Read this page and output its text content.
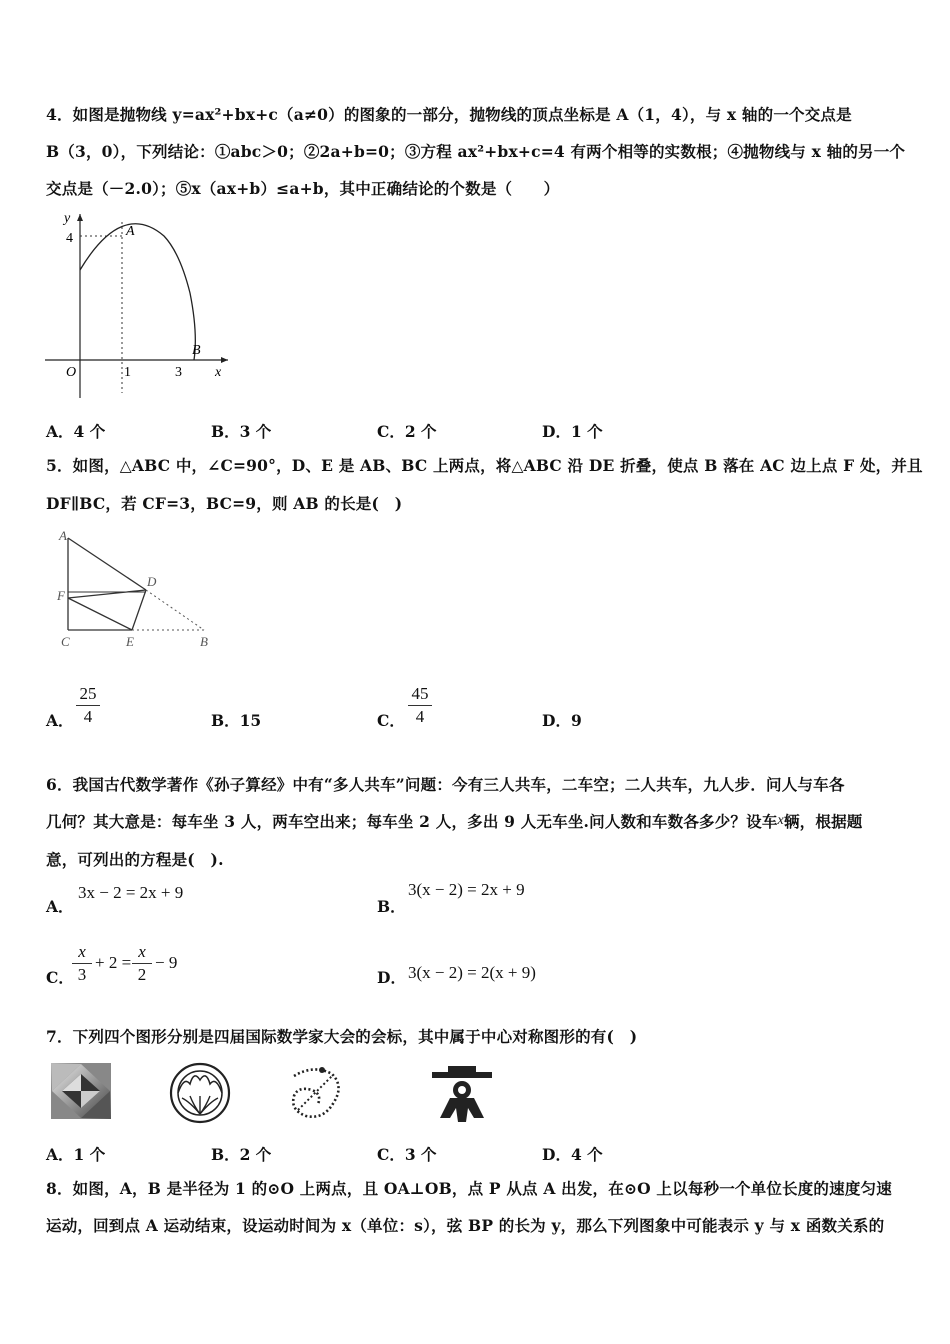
4．如图是抛物线 y=ax²+bx+c（a≠0）的图象的一部分，抛物线的顶点坐标是 A（1，4），与 x 轴的一个交点是
B（3，0），下列结论：①abc＞0；②2a+b=0；③方程 ax²+bx+c=4 有两个相等的实数根；④抛物线与 x 轴的另一个
交点是（－2.0）；⑤x（ax+b）≤a+b，其中正确结论的个数是（　　）
y
4	A
O	1	3
B
x
A．4 个	B．3 个	C．2 个	D．1 个
5．如图，△ABC 中，∠C=90°，D、E 是 AB、BC 上两点，将△ABC 沿 DE 折叠，使点 B 落在 AC 边上点 F 处，并且
DF∥BC，若 CF=3，BC=9，则 AB 的长是(　)
A
D
F
C	E	B
A． $\frac{25}{4}$	B．15	C． $\frac{45}{4}$	D．9
6．我国古代数学著作《孙子算经》中有“多人共车”问题：今有三人共车，二车空；二人共车，九人步．问人与车各
几何？其大意是：每车坐 3 人，两车空出来；每车坐 2 人，多出 9 人无车坐.问人数和车数各多少？设车x辆，根据题
意，可列出的方程是(　).
A．
3x − 2 = 2x + 9
B．
3(x − 2) = 2x + 9
C．
$\frac{x}{3} + 2 = \frac{x}{2} - 9$
D． 3(x − 2) = 2(x + 9)
7．下列四个图形分别是四届国际数学家大会的会标，其中属于中心对称图形的有(　)
A．1 个	B．2 个	C．3 个	D．4 个
8．如图，A，B 是半径为 1 的⊙O 上两点，且 OA⊥OB，点 P 从点 A 出发，在⊙O 上以每秒一个单位长度的速度匀速
运动，回到点 A 运动结束，设运动时间为 x（单位：s），弦 BP 的长为 y，那么下列图象中可能表示 y 与 x 函数关系的
